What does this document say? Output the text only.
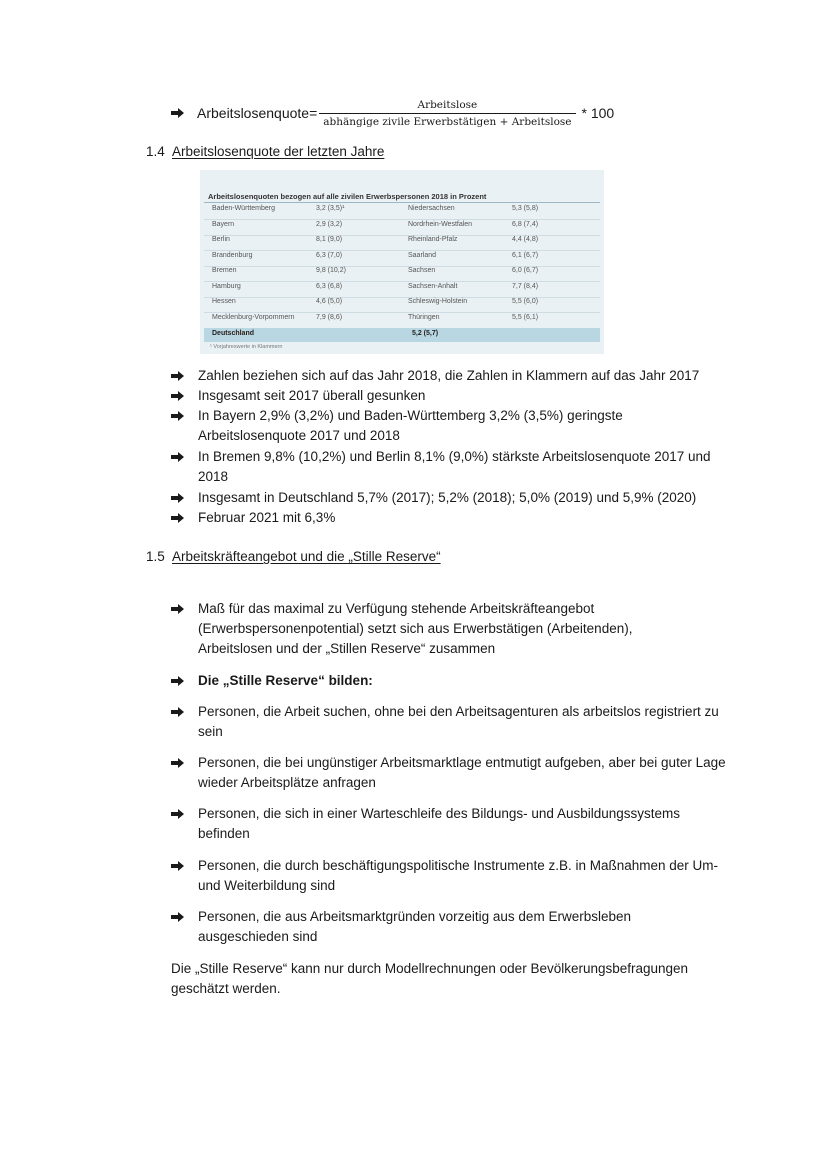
Arbeitslosenquote = $\frac{\text{Arbeitslose}}{\text{abhängige zivile Erwerbstätigen + Arbeitslose}} * 100$
1.4 Arbeitslosenquote der letzten Jahre
Arbeitslosenquoten bezogen auf alle zivilen Erwerbspersonen 2018 in Prozent
Baden-Württemberg	3,2 (3,5)¹	Niedersachsen	5,3 (5,8)
Bayern	2,9 (3,2)	Nordrhein-Westfalen	6,8 (7,4)
Berlin	8,1 (9,0)	Rheinland-Pfalz	4,4 (4,8)
Brandenburg	6,3 (7,0)	Saarland	6,1 (6,7)
Bremen	9,8 (10,2)	Sachsen	6,0 (6,7)
Hamburg	6,3 (6,8)	Sachsen-Anhalt	7,7 (8,4)
Hessen	4,6 (5,0)	Schleswig-Holstein	5,5 (6,0)
Mecklenburg-Vorpommern	7,9 (8,6)	Thüringen	5,5 (6,1)
Deutschland	5,2 (5,7)
¹ Vorjahreswerte in Klammern
Zahlen beziehen sich auf das Jahr 2018, die Zahlen in Klammern auf das Jahr 2017
Insgesamt seit 2017 überall gesunken
In Bayern 2,9% (3,2%) und Baden-Württemberg 3,2% (3,5%) geringste Arbeitslosenquote 2017 und 2018
In Bremen 9,8% (10,2%) und Berlin 8,1% (9,0%) stärkste Arbeitslosenquote 2017 und 2018
Insgesamt in Deutschland 5,7% (2017); 5,2% (2018); 5,0% (2019) und 5,9% (2020)
Februar 2021 mit 6,3%
1.5 Arbeitskräfteangebot und die „Stille Reserve“
Maß für das maximal zu Verfügung stehende Arbeitskräfteangebot (Erwerbspersonenpotential) setzt sich aus Erwerbstätigen (Arbeitenden), Arbeitslosen und der „Stillen Reserve“ zusammen
Die „Stille Reserve“ bilden:
Personen, die Arbeit suchen, ohne bei den Arbeitsagenturen als arbeitslos registriert zu sein
Personen, die bei ungünstiger Arbeitsmarktlage entmutigt aufgeben, aber bei guter Lage wieder Arbeitsplätze anfragen
Personen, die sich in einer Warteschleife des Bildungs- und Ausbildungssystems befinden
Personen, die durch beschäftigungspolitische Instrumente z.B. in Maßnahmen der Um- und Weiterbildung sind
Personen, die aus Arbeitsmarktgründen vorzeitig aus dem Erwerbsleben ausgeschieden sind
Die „Stille Reserve“ kann nur durch Modellrechnungen oder Bevölkerungsbefragungen geschätzt werden.
